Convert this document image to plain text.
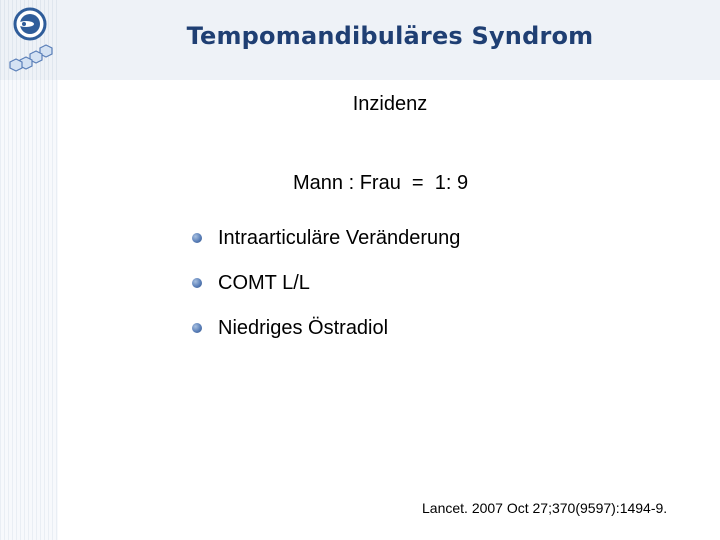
Tempomandibuläres Syndrom
Inzidenz
Mann : Frau  =  1: 9
Intraarticuläre Veränderung
COMT L/L
Niedriges Östradiol
Lancet. 2007 Oct 27;370(9597):1494-9.
